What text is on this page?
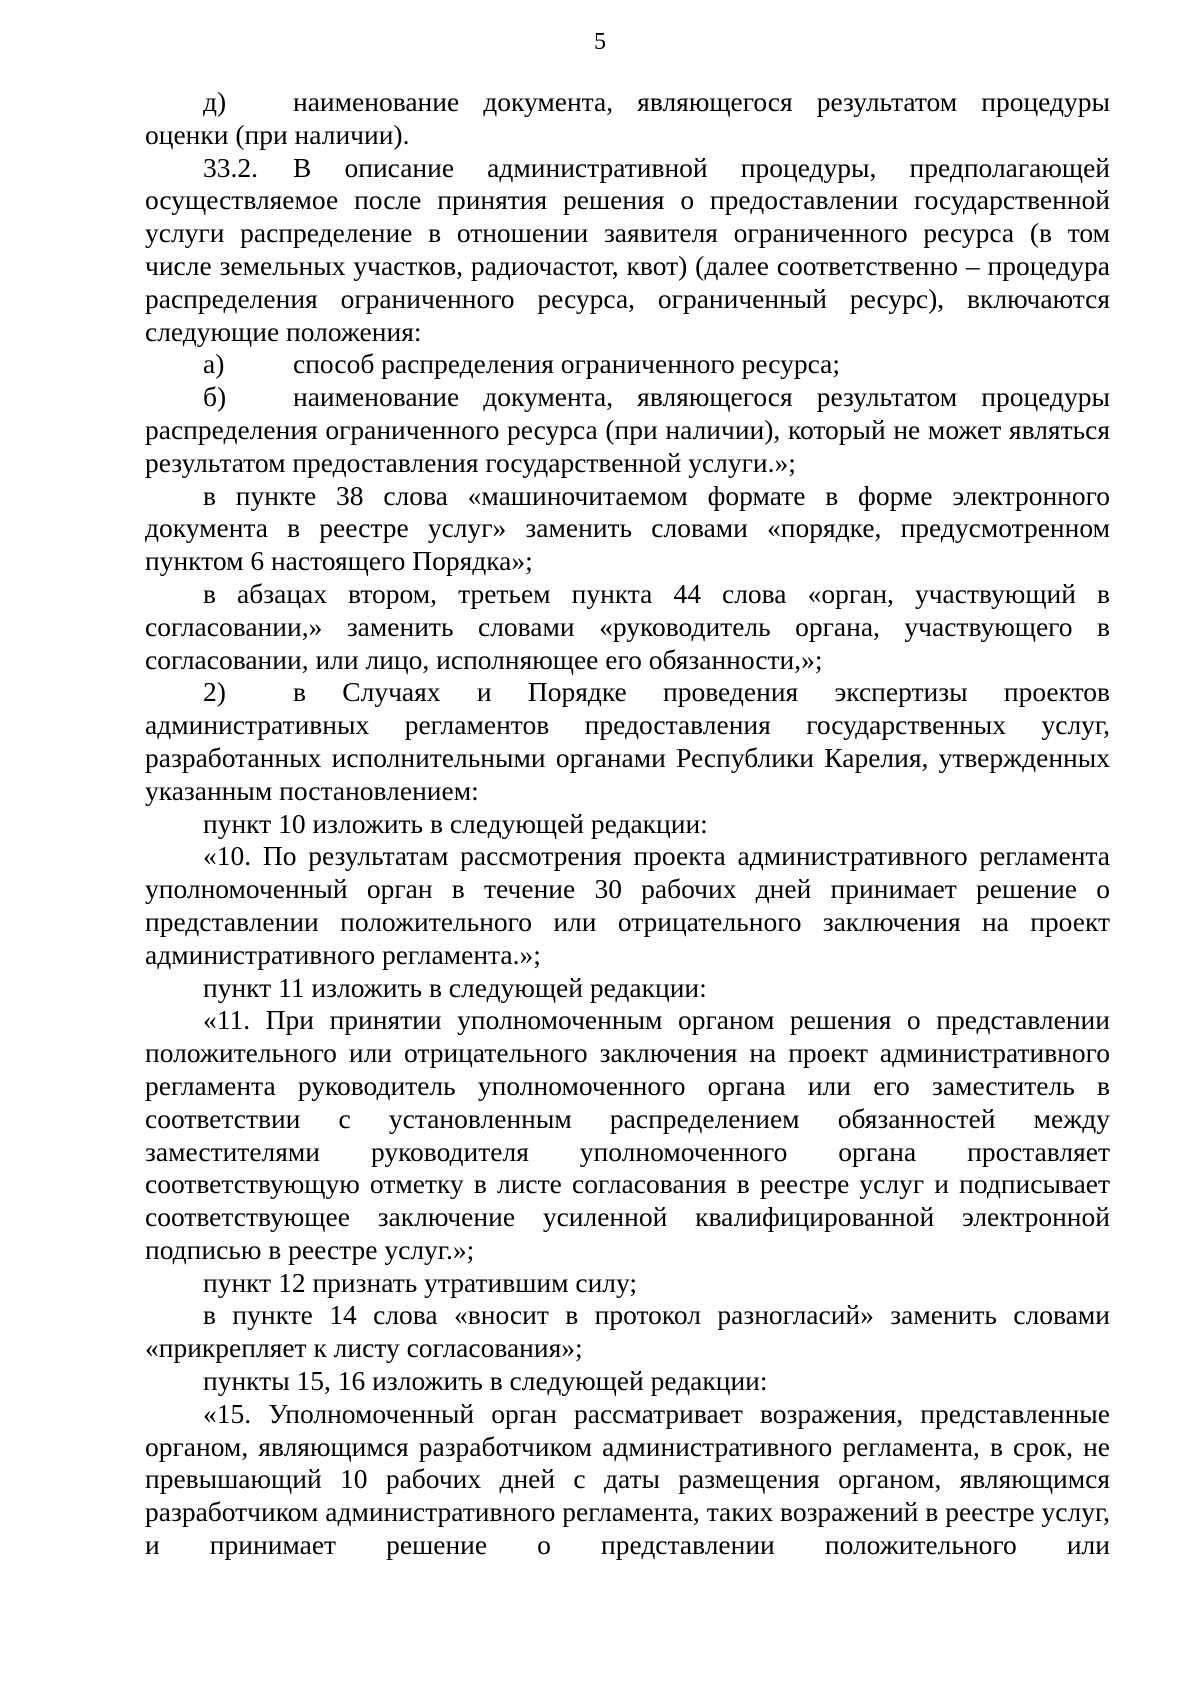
5

д)	наименование документа, являющегося результатом процедуры

оценки (при наличии).

33.2.	В описание административной процедуры, предполагающей

осуществляемое после принятия решения о предоставлении государственной услуги распределение в отношении заявителя ограниченного ресурса (в том числе земельных участков, радиочастот, квот) (далее соответственно – процедура распределения ограниченного ресурса, ограниченный ресурс), включаются следующие положения:

а)	способ распределения ограниченного ресурса;

б)	наименование документа, являющегося результатом процедуры

распределения ограниченного ресурса (при наличии), который не может являться результатом предоставления государственной услуги.»;

в пункте 38 слова «машиночитаемом формате в форме электронного документа в реестре услуг» заменить словами «порядке, предусмотренном пунктом 6 настоящего Порядка»;

в абзацах втором, третьем пункта 44 слова «орган, участвующий в согласовании,» заменить словами «руководитель органа, участвующего в согласовании, или лицо, исполняющее его обязанности,»;

2)	в Случаях и Порядке проведения экспертизы проектов

административных регламентов предоставления государственных услуг, разработанных исполнительными органами Республики Карелия, утвержденных указанным постановлением:

пункт 10 изложить в следующей редакции:

«10. По результатам рассмотрения проекта административного регламента уполномоченный орган в течение 30 рабочих дней принимает решение о представлении положительного или отрицательного заключения на проект административного регламента.»;

пункт 11 изложить в следующей редакции:

«11. При принятии уполномоченным органом решения о представлении положительного или отрицательного заключения на проект административного регламента руководитель уполномоченного органа или его заместитель в соответствии с установленным распределением обязанностей между заместителями руководителя уполномоченного органа проставляет соответствующую отметку в листе согласования в реестре услуг и подписывает соответствующее заключение усиленной квалифицированной электронной подписью в реестре услуг.»;

пункт 12 признать утратившим силу;

в пункте 14 слова «вносит в протокол разногласий» заменить словами «прикрепляет к листу согласования»;

пункты 15, 16 изложить в следующей редакции:

«15. Уполномоченный орган рассматривает возражения, представленные органом, являющимся разработчиком административного регламента, в срок, не превышающий 10 рабочих дней с даты размещения органом, являющимся разработчиком административного регламента, таких возражений в реестре услуг, и принимает решение о представлении положительного или
